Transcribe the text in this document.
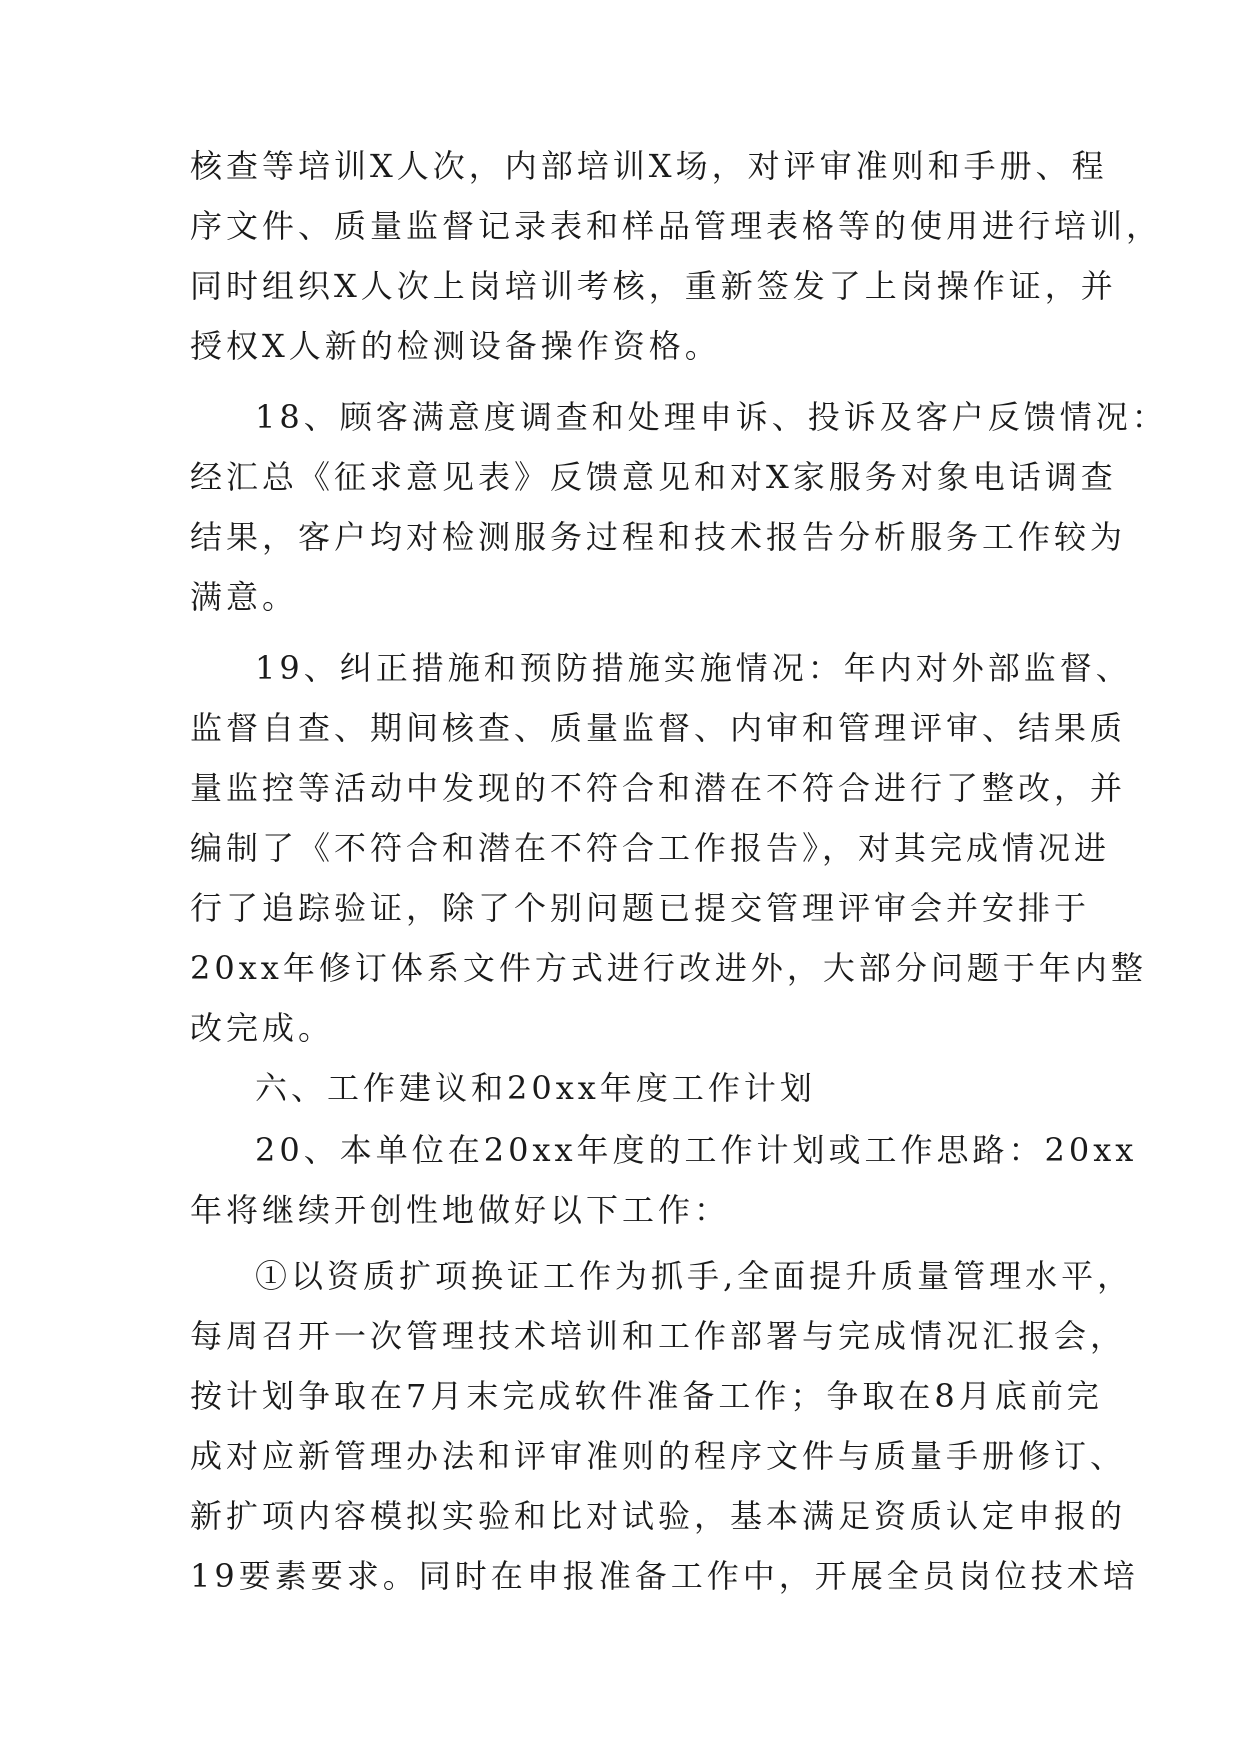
核查等培训X人次，内部培训X场，对评审准则和手册、程
序文件、质量监督记录表和样品管理表格等的使用进行培训，
同时组织X人次上岗培训考核，重新签发了上岗操作证，并
授权X人新的检测设备操作资格。
18、顾客满意度调查和处理申诉、投诉及客户反馈情况：
经汇总《征求意见表》反馈意见和对X家服务对象电话调查
结果，客户均对检测服务过程和技术报告分析服务工作较为
满意。
19、纠正措施和预防措施实施情况：年内对外部监督、
监督自查、期间核查、质量监督、内审和管理评审、结果质
量监控等活动中发现的不符合和潜在不符合进行了整改，并
编制了《不符合和潜在不符合工作报告》，对其完成情况进
行了追踪验证，除了个别问题已提交管理评审会并安排于
20xx年修订体系文件方式进行改进外，大部分问题于年内整
改完成。
六、工作建议和20xx年度工作计划
20、本单位在20xx年度的工作计划或工作思路：20xx
年将继续开创性地做好以下工作：
①以资质扩项换证工作为抓手,全面提升质量管理水平，
每周召开一次管理技术培训和工作部署与完成情况汇报会，
按计划争取在7月末完成软件准备工作；争取在8月底前完
成对应新管理办法和评审准则的程序文件与质量手册修订、
新扩项内容模拟实验和比对试验，基本满足资质认定申报的
19要素要求。同时在申报准备工作中，开展全员岗位技术培
